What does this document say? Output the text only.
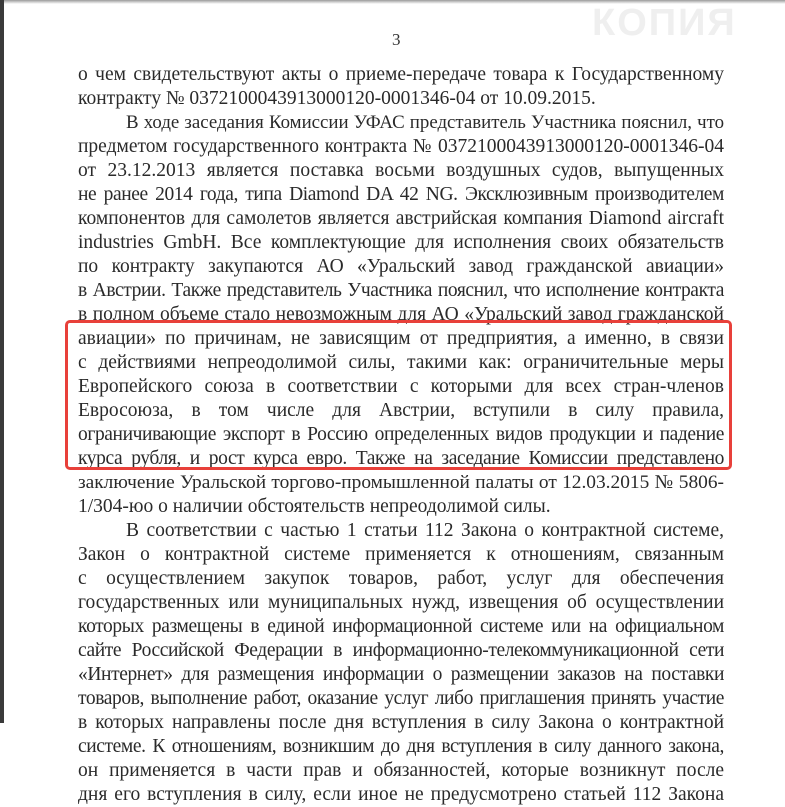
КОПИЯ
3
о чем свидетельствуют акты о приеме-передаче товара к Государственному
контракту № 0372100043913000120-0001346-04 от 10.09.2015.
В ходе заседания Комиссии УФАС представитель Участника пояснил, что
предметом государственного контракта № 0372100043913000120-0001346-04
от 23.12.2013 является поставка восьми воздушных судов, выпущенных
не ранее 2014 года, типа Diamond DA 42 NG. Эксклюзивным производителем
компонентов для самолетов является австрийская компания Diamond aircraft
industries GmbH. Все комплектующие для исполнения своих обязательств
по контракту закупаются АО «Уральский завод гражданской авиации»
в Австрии. Также представитель Участника пояснил, что исполнение контракта
в полном объеме стало невозможным для АО «Уральский завод гражданской
авиации» по причинам, не зависящим от предприятия, а именно, в связи
с действиями непреодолимой силы, такими как: ограничительные меры
Европейского союза в соответствии с которыми для всех стран-членов
Евросоюза, в том числе для Австрии, вступили в силу правила,
ограничивающие экспорт в Россию определенных видов продукции и падение
курса рубля, и рост курса евро. Также на заседание Комиссии представлено
заключение Уральской торгово-промышленной палаты от 12.03.2015 № 5806-
1/304-юо о наличии обстоятельств непреодолимой силы.
В соответствии с частью 1 статьи 112 Закона о контрактной системе,
Закон о контрактной системе применяется к отношениям, связанным
с осуществлением закупок товаров, работ, услуг для обеспечения
государственных или муниципальных нужд, извещения об осуществлении
которых размещены в единой информационной системе или на официальном
сайте Российской Федерации в информационно-телекоммуникационной сети
«Интернет» для размещения информации о размещении заказов на поставки
товаров, выполнение работ, оказание услуг либо приглашения принять участие
в которых направлены после дня вступления в силу Закона о контрактной
системе. К отношениям, возникшим до дня вступления в силу данного закона,
он применяется в части прав и обязанностей, которые возникнут после
дня его вступления в силу, если иное не предусмотрено статьей 112 Закона
